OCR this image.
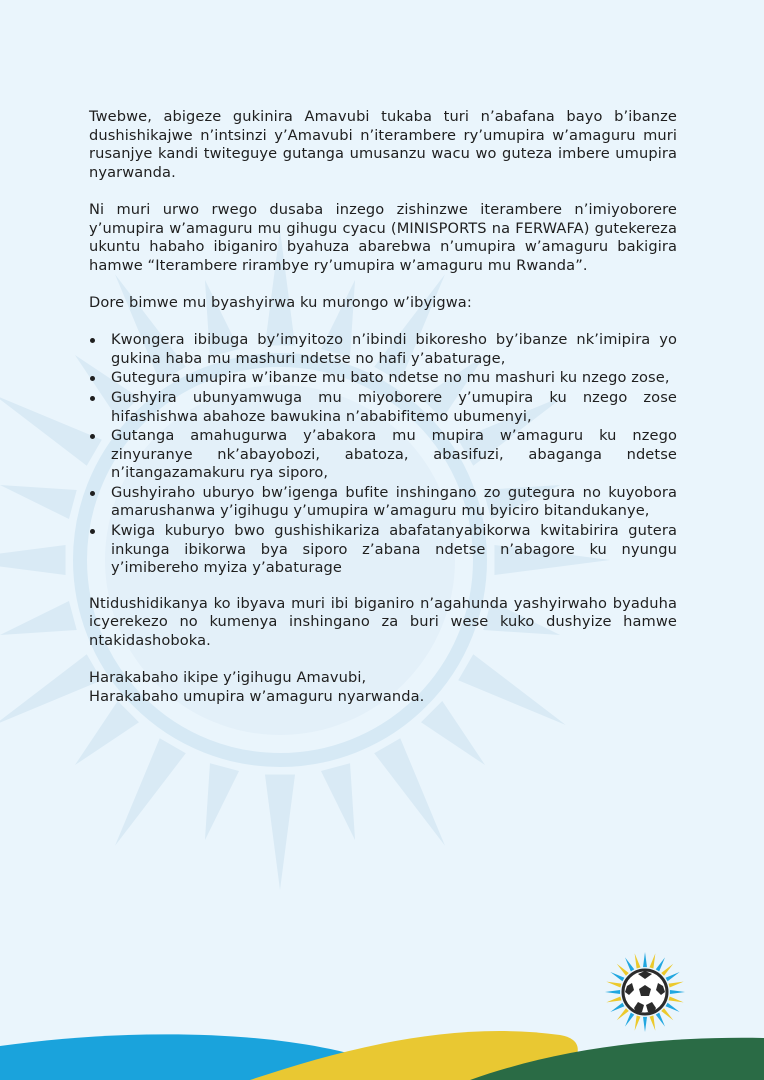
Twebwe, abigeze gukinira Amavubi tukaba turi n’abafana bayo b’ibanze dushishikajwe n’intsinzi y’Amavubi n’iterambere ry’umupira w’amaguru muri rusanjye kandi twiteguye gutanga umusanzu wacu wo guteza imbere umupira nyarwanda.

Ni muri urwo rwego dusaba inzego zishinzwe iterambere n’imiyoborere y’umupira w’amaguru mu gihugu cyacu (MINISPORTS na FERWAFA) gutekereza ukuntu habaho ibiganiro byahuza abarebwa n’umupira w’amaguru bakigira hamwe “Iterambere rirambye ry’umupira w’amaguru mu Rwanda”.

Dore bimwe mu byashyirwa ku murongo w’ibyigwa:

Kwongera ibibuga by’imyitozo n’ibindi bikoresho by’ibanze nk’imipira yo gukina haba mu mashuri ndetse no hafi y’abaturage,
Gutegura umupira w’ibanze mu bato ndetse no mu mashuri ku nzego zose,
Gushyira ubunyamwuga mu miyoborere y’umupira ku nzego zose hifashishwa abahoze bawukina n’ababifitemo ubumenyi,
Gutanga amahugurwa y’abakora mu mupira w’amaguru ku nzego zinyuranye nk’abayobozi, abatoza, abasifuzi, abaganga ndetse n’itangazamakuru rya siporo,
Gushyiraho uburyo bw’igenga bufite inshingano zo gutegura no kuyobora amarushanwa y’igihugu y’umupira w’amaguru mu byiciro bitandukanye,
Kwiga kuburyo bwo gushishikariza abafatanyabikorwa kwitabirira gutera inkunga ibikorwa bya siporo z’abana ndetse n’abagore ku nyungu y’imibereho myiza y’abaturage

Ntidushidikanya ko ibyava muri ibi biganiro n’agahunda yashyirwaho byaduha icyerekezo no kumenya inshingano za buri wese kuko dushyize hamwe ntakidashoboka.

Harakabaho ikipe y’igihugu Amavubi,

Harakabaho umupira w’amaguru nyarwanda.
